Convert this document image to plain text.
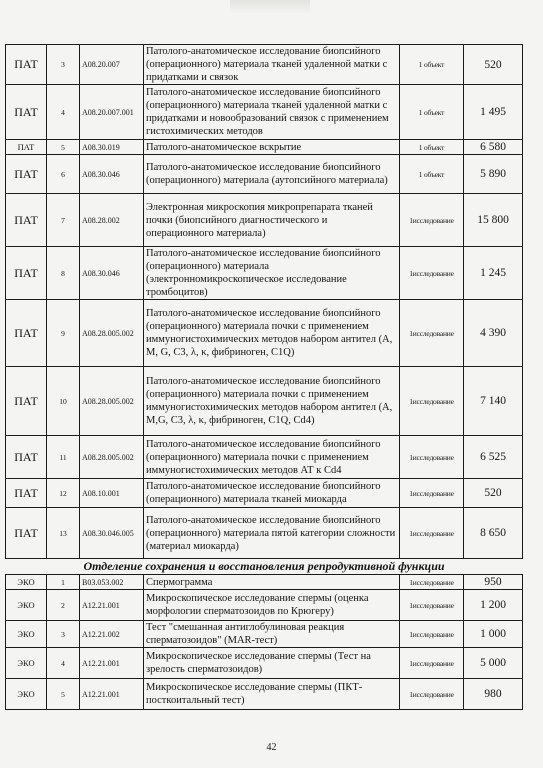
ПАТ	3	A08.20.007	Патолого-анатомическое исследование биопсийного (операционного) материала тканей удаленной матки с придатками и связок	1 объект	520
ПАТ	4	A08.20.007.001	Патолого-анатомическое исследование биопсийного (операционного) материала тканей удаленной матки с придатками и новообразований связок с применением гистохимических методов	1 объект	1 495
ПАТ	5	A08.30.019	Патолого-анатомическое вскрытие	1 объект	6 580
ПАТ	6	A08.30.046	Патолого-анатомическое исследование биопсийного (операционного) материала (аутопсийного материала)	1 объект	5 890
ПАТ	7	A08.28.002	Электронная микроскопия микропрепарата тканей почки (биопсийного диагностического и операционного материала)	1исследование	15 800
ПАТ	8	A08.30.046	Патолого-анатомическое исследование биопсийного (операционного) материала (электронномикроскопическое исследование тромбоцитов)	1исследование	1 245
ПАТ	9	A08.28.005.002	Патолого-анатомическое исследование биопсийного (операционного) материала почки с применением иммуногистохимических методов набором антител (A, M, G, C3, λ, κ, фибриноген, C1Q)	1исследование	4 390
ПАТ	10	A08.28.005.002	Патолого-анатомическое исследование биопсийного (операционного) материала почки с применением иммуногистохимических методов набором антител (A, M,G, C3, λ, κ, фибриноген, C1Q, Cd4)	1исследование	7 140
ПАТ	11	A08.28.005.002	Патолого-анатомическое исследование биопсийного (операционного) материала почки с применением иммуногистохимических методов АТ к Cd4	1исследование	6 525
ПАТ	12	A08.10.001	Патолого-анатомическое исследование биопсийного (операционного) материала тканей миокарда	1исследование	520
ПАТ	13	A08.30.046.005	Патолого-анатомическое исследование биопсийного (операционного) материала пятой категории сложности (материал миокарда)	1исследование	8 650
Отделение сохранения и восстановления репродуктивной функции					
ЭКО	1	B03.053.002	Спермограмма	1исследование	950
ЭКО	2	A12.21.001	Микроскопическое исследование спермы (оценка морфологии сперматозоидов по Крюгеру)	1исследование	1 200
ЭКО	3	A12.21.002	Тест "смешанная антиглобулиновая реакция сперматозоидов" (MAR-тест)	1исследование	1 000
ЭКО	4	A12.21.001	Микроскопическое исследование спермы (Тест на зрелость сперматозоидов)	1исследование	5 000
ЭКО	5	A12.21.001	Микроскопическое исследование спермы (ПКТ-посткоитальный тест)	1исследование	980
42
